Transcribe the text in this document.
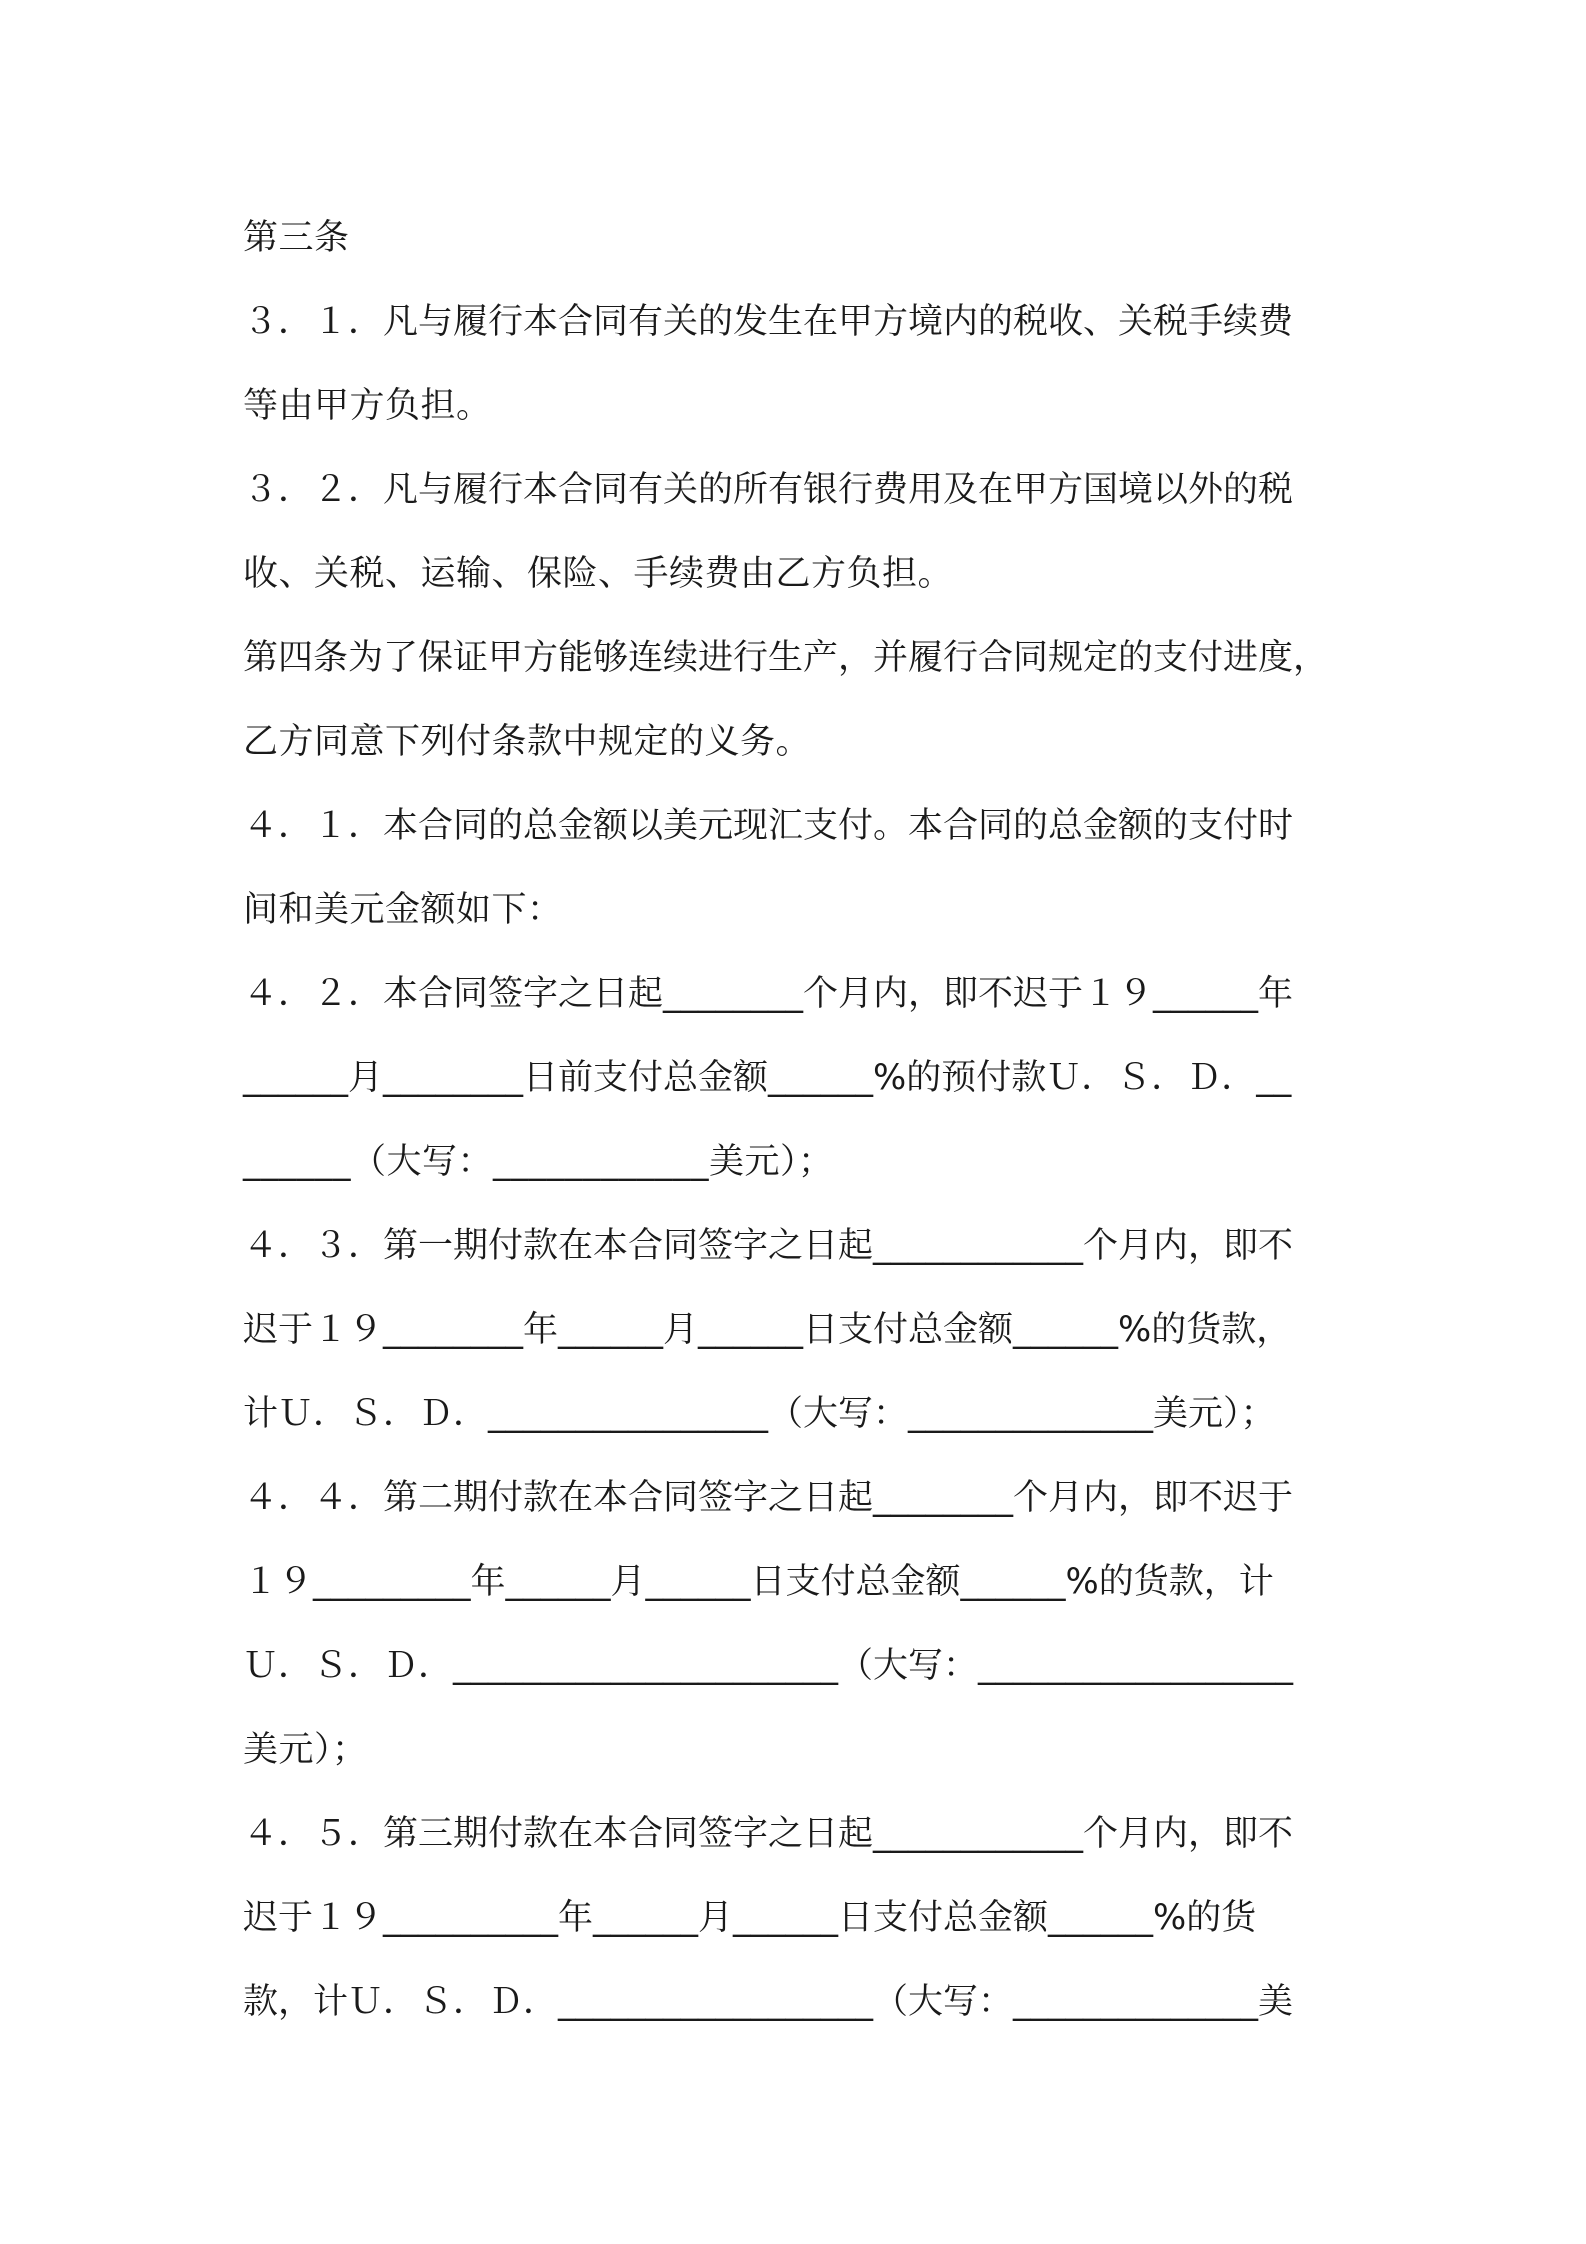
第三条
３．１．凡与履行本合同有关的发生在甲方境内的税收、关税手续费
等由甲方负担。
３．２．凡与履行本合同有关的所有银行费用及在甲方国境以外的税
收、关税、运输、保险、手续费由乙方负担。
第四条为了保证甲方能够连续进行生产，并履行合同规定的支付进度，
乙方同意下列付条款中规定的义务。
４．１．本合同的总金额以美元现汇支付。本合同的总金额的支付时
间和美元金额如下：
４．２．本合同签字之日起________个月内，即不迟于１９______年
______月________日前支付总金额______%的预付款Ｕ．Ｓ．Ｄ．__
______（大写：____________美元）；
４．３．第一期付款在本合同签字之日起____________个月内，即不
迟于１９________年______月______日支付总金额______%的货款，
计Ｕ．Ｓ．Ｄ．________________（大写：______________美元）；
４．４．第二期付款在本合同签字之日起________个月内，即不迟于
１９_________年______月______日支付总金额______%的货款，计
Ｕ．Ｓ．Ｄ．______________________（大写：__________________
美元）；
４．５．第三期付款在本合同签字之日起____________个月内，即不
迟于１９__________年______月______日支付总金额______%的货
款，计Ｕ．Ｓ．Ｄ．__________________（大写：______________美
